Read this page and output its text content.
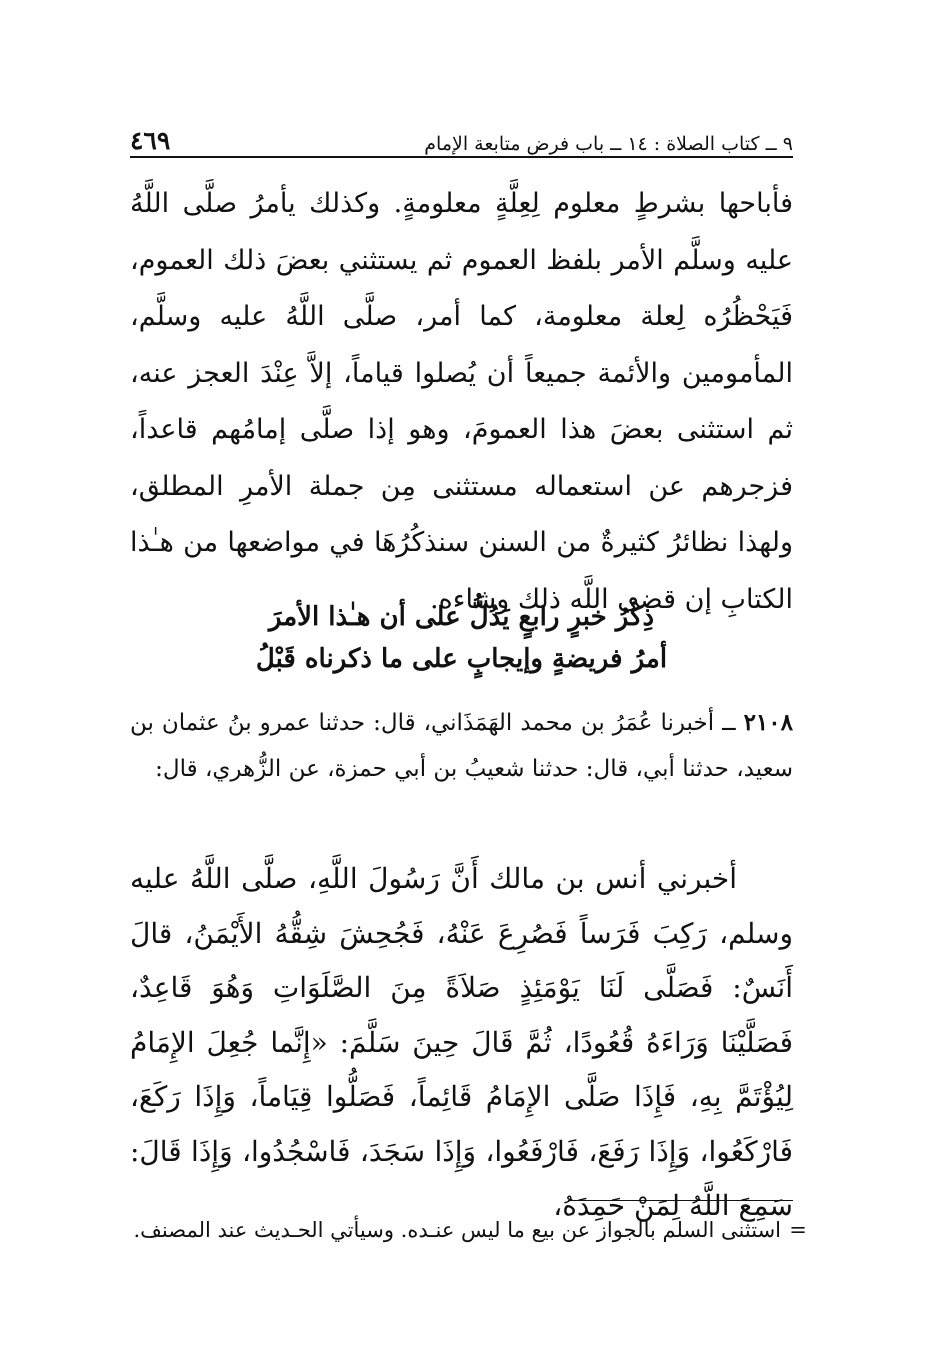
٩ ــ كتاب الصلاة : ١٤ ــ باب فرض متابعة الإمام
٤٦٩
فأباحها بشرطٍ معلوم لِعِلَّةٍ معلومةٍ. وكذلك يأمرُ صلَّى اللَّهُ عليه وسلَّم الأمر بلفظ العموم ثم يستثني بعضَ ذلك العموم، فَيَحْظُرُه لِعلة معلومة، كما أمر، صلَّى اللَّهُ عليه وسلَّم، المأمومين والأئمة جميعاً أن يُصلوا قياماً، إلاَّ عِنْدَ العجز عنه، ثم استثنى بعضَ هذا العمومَ، وهو إذا صلَّى إمامُهم قاعداً، فزجرهم عن استعماله مستثنى مِن جملة الأمرِ المطلق، ولهذا نظائرُ كثيرةٌ من السنن سنذكُرُهَا في مواضعها من هـٰذا الكتابِ إن قضى اللَّه ذلك وشاءه.

ذِكْرُ خبرٍ رابعٍ يَدُلُّ على أن هـٰذا الأمرَ

أمرُ فريضةٍ وإيجابٍ على ما ذكرناه قَبْلُ

٢١٠٨ ــ أخبرنا عُمَرُ بن محمد الهَمَذَاني، قال: حدثنا عمرو بنُ عثمان بن سعيد، حدثنا أبي، قال: حدثنا شعيبُ بن أبي حمزة، عن الزُّهري، قال:
أخبرني أنس بن مالك أَنَّ رَسُولَ اللَّهِ، صلَّى اللَّهُ عليه وسلم، رَكِبَ فَرَساً فَصُرِعَ عَنْهُ، فَجُحِشَ شِقُّهُ الأَيْمَنُ، قالَ أَنَسٌ: فَصَلَّى لَنَا يَوْمَئِذٍ صَلاَةً مِنَ الصَّلَوَاتِ وَهُوَ قَاعِدٌ، فَصَلَّيْنَا وَرَاءَهُ قُعُودًا، ثُمَّ قَالَ حِينَ سَلَّمَ: «إِنَّما جُعِلَ الإِمَامُ لِيُؤْتَمَّ بِهِ، فَإِذَا صَلَّى الإِمَامُ قَائِماً، فَصَلُّوا قِيَاماً، وَإِذَا رَكَعَ، فَارْكَعُوا، وَإِذَا رَفَعَ، فَارْفَعُوا، وَإِذَا سَجَدَ، فَاسْجُدُوا، وَإِذَا قَالَ: سَمِعَ اللَّهُ لِمَنْ حَمِدَهُ،
=
استثنى السلم بالجواز عن بيع ما ليس عنـده. وسيأتي الحـديث عند المصنف.
